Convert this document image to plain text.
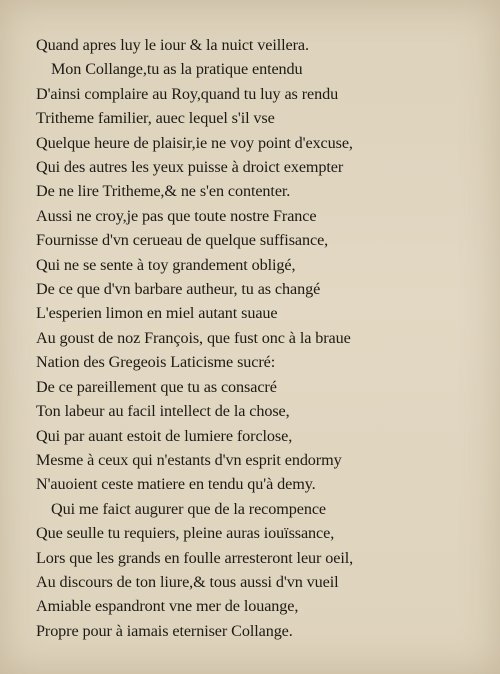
Quand apres luy le iour & la nuict veillera.
Mon Collange,tu as la pratique entendu
D'ainsi complaire au Roy,quand tu luy as rendu
Tritheme familier, auec lequel s'il vse
Quelque heure de plaisir,ie ne voy point d'excuse,
Qui des autres les yeux puisse à droict exempter
De ne lire Tritheme,& ne s'en contenter.
Aussi ne croy,je pas que toute nostre France
Fournisse d'vn cerueau de quelque suffisance,
Qui ne se sente à toy grandement obligé,
De ce que d'vn barbare autheur, tu as changé
L'esperien limon en miel autant suaue
Au goust de noz François, que fust onc à la braue
Nation des Gregeois Laticisme sucré:
De ce pareillement que tu as consacré
Ton labeur au facil intellect de la chose,
Qui par auant estoit de lumiere forclose,
Mesme à ceux qui n'estants d'vn esprit endormy
N'auoient ceste matiere en tendu qu'à demy.
Qui me faict augurer que de la recompence
Que seulle tu requiers, pleine auras iouïssance,
Lors que les grands en foulle arresteront leur oeil,
Au discours de ton liure,& tous aussi d'vn vueil
Amiable espandront vne mer de louange,
Propre pour à iamais eterniser Collange.
